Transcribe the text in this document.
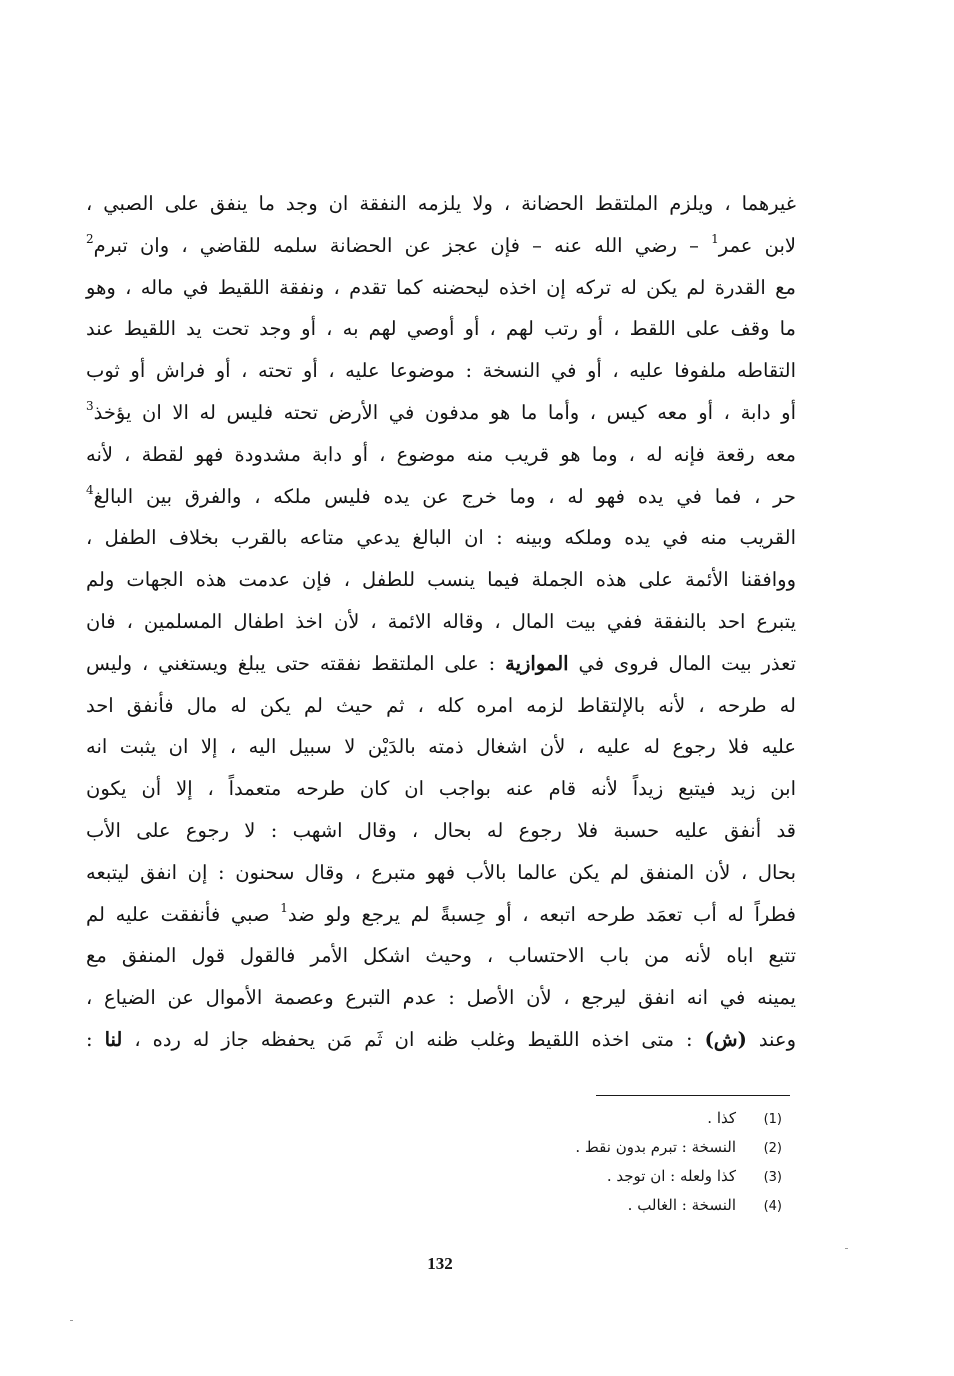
غيرهما ، ويلزم الملتقط الحضانة ، ولا يلزمه النفقة ان وجد ما ينفق على الصبي ،
لابن عمر$^1$ – رضي الله عنه – فإن عجز عن الحضانة سلمه للقاضي ، وان تبرم$^2$
مع القدرة لم يكن له تركه إن اخذه ليحضنه كما تقدم ، ونفقة اللقيط في ماله ، وهو
ما وقف على اللقط ، أو رتب لهم ، أو أوصي لهم به ، أو وجد تحت يد اللقيط عند
التقاطه ملفوفا عليه ، أو في النسخة : موضوعا عليه ، أو تحته ، أو فراش أو ثوب
أو دابة ، أو معه كيس ، وأما ما هو مدفون في الأرض تحته فليس له الا ان يؤخذ$^3$
معه رقعة فإنه له ، وما هو قريب منه موضوع ، أو دابة مشدودة فهو لقطة ، لأنه
حر ، فما في يده فهو له ، وما خرج عن يده فليس ملكه ، والفرق بين البالغ$^4$
القريب منه في يده وملكه وبينه : ان البالغ يدعي متاعه بالقرب بخلاف الطفل ،
ووافقنا الأئمة على هذه الجملة فيما ينسب للطفل ، فإن عدمت هذه الجهات ولم
يتبرع احد بالنفقة ففي بيت المال ، وقاله الائمة ، لأن اخذ اطفال المسلمين ، فان
تعذر بيت المال فروى في الموازية : على الملتقط نفقته حتى يبلغ ويستغني ، وليس
له طرحه ، لأنه بالإلتقاط لزمه امره كله ، ثم حيث لم يكن له مال فأنفق احد
عليه فلا رجوع له عليه ، لأن اشغال ذمته بالدَيْن لا سبيل اليه ، إلا ان يثبت انه
ابن زيد فيتبع زيداً لأنه قام عنه بواجب ان كان طرحه متعمداً ، إلا أن يكون
قد أنفق عليه حسبة فلا رجوع له بحال ، وقال اشهب : لا رجوع على الأب
بحال ، لأن المنفق لم يكن عالما بالأب فهو متبرع ، وقال سحنون : إن انفق ليتبعه
فطراً له أب تعمَد طرحه اتبعه ، أو حِسبةً لم يرجع ولو ضد$^1$ صبي فأنفقت عليه لم
تتبع اباه لأنه من باب الاحتساب ، وحيث اشكل الأمر فالقول قول المنفق مع
يمينه في انه انفق ليرجع ، لأن الأصل : عدم التبرع وعصمة الأموال عن الضياع ،
وعند (ش) : متى اخذه اللقيط وغلب ظنه ان ثَم مَن يحفظه جاز له رده ، لنا :
(1)كذا .
(2)النسخة : تبرم بدون نقط .
(3)كذا ولعله : ان توجد .
(4)النسخة : الغالب .
132
